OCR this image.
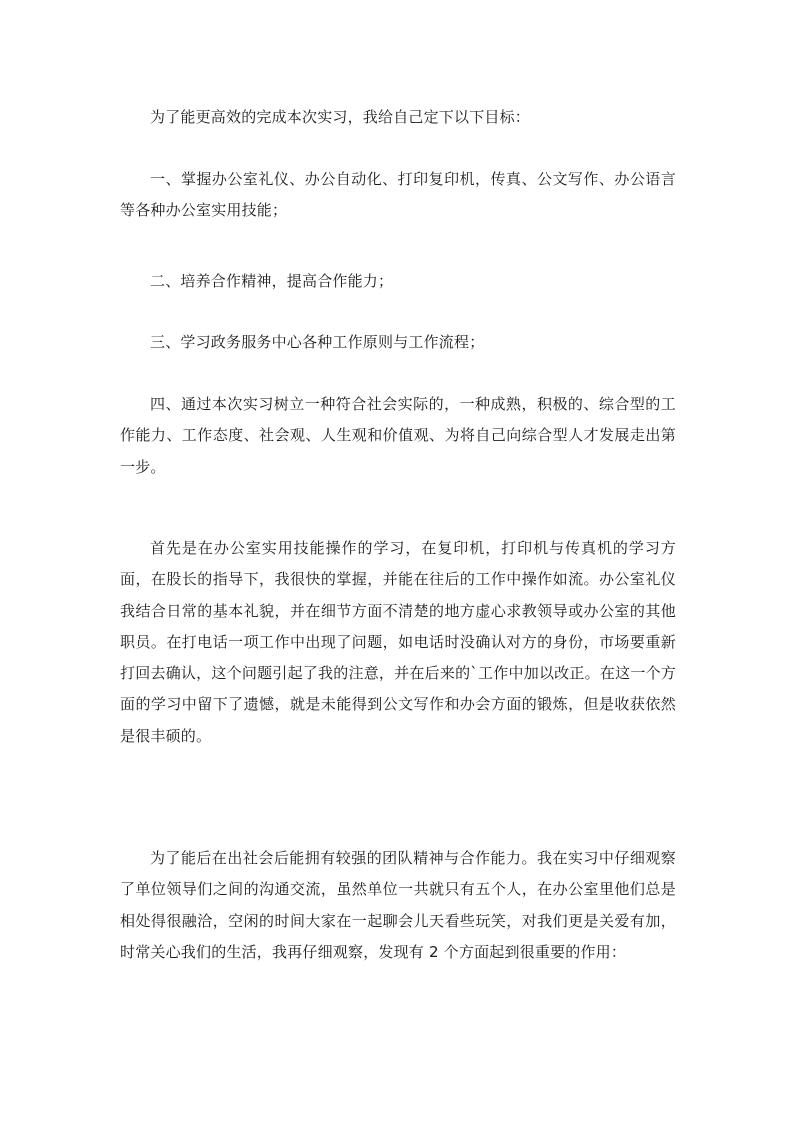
为了能更高效的完成本次实习，我给自己定下以下目标：

一、掌握办公室礼仪、办公自动化、打印复印机，传真、公文写作、办公语言等各种办公室实用技能；

二、培养合作精神，提高合作能力；

三、学习政务服务中心各种工作原则与工作流程；

四、通过本次实习树立一种符合社会实际的，一种成熟，积极的、综合型的工作能力、工作态度、社会观、人生观和价值观、为将自己向综合型人才发展走出第一步。

首先是在办公室实用技能操作的学习，在复印机，打印机与传真机的学习方面，在股长的指导下，我很快的掌握，并能在往后的工作中操作如流。办公室礼仪我结合日常的基本礼貌，并在细节方面不清楚的地方虚心求教领导或办公室的其他职员。在打电话一项工作中出现了问题，如电话时没确认对方的身份，市场要重新打回去确认，这个问题引起了我的注意，并在后来的`工作中加以改正。在这一个方面的学习中留下了遗憾，就是未能得到公文写作和办会方面的锻炼，但是收获依然是很丰硕的。

为了能后在出社会后能拥有较强的团队精神与合作能力。我在实习中仔细观察了单位领导们之间的沟通交流，虽然单位一共就只有五个人，在办公室里他们总是相处得很融洽，空闲的时间大家在一起聊会儿天看些玩笑，对我们更是关爱有加，时常关心我们的生活，我再仔细观察，发现有 2 个方面起到很重要的作用：
